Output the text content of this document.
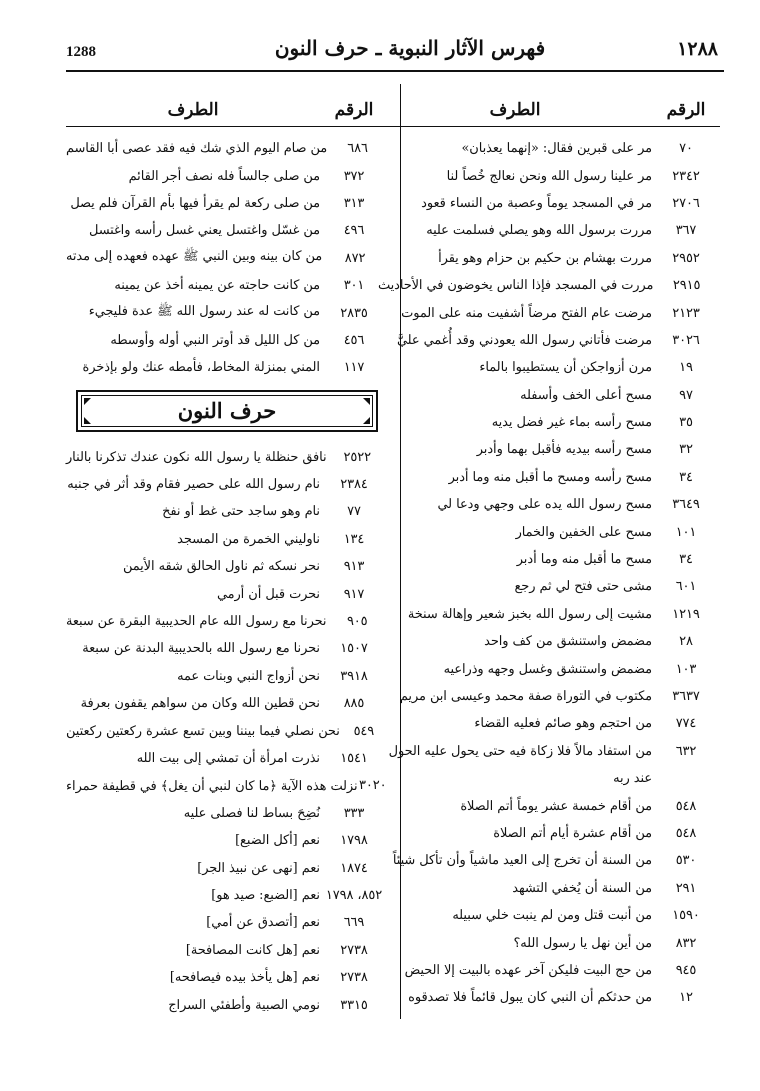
١٢٨٨
فهرس الآثار النبوية ـ حرف النون
1288
الرقم
الطرف
٧٠
مر على قبرين فقال: «إنهما يعذبان»
٢٣٤٢
مر علينا رسول الله ونحن نعالج خُصاً لنا
٢٧٠٦
مر في المسجد يوماً وعصبة من النساء قعود
٣٦٧
مررت برسول الله وهو يصلي فسلمت عليه
٢٩٥٢
مررت بهشام بن حكيم بن حزام وهو يقرأ
٢٩١٥
مررت في المسجد فإذا الناس يخوضون في الأحاديث
٢١٢٣
مرضت عام الفتح مرضاً أشفيت منه على الموت
٣٠٢٦
مرضت فأتاني رسول الله يعودني وقد أُغمي عليَّ
١٩
مرن أزواجكن أن يستطيبوا بالماء
٩٧
مسح أعلى الخف وأسفله
٣٥
مسح رأسه بماء غير فضل يديه
٣٢
مسح رأسه بيديه فأقبل بهما وأدبر
٣٤
مسح رأسه ومسح ما أقبل منه وما أدبر
٣٦٤٩
مسح رسول الله يده على وجهي ودعا لي
١٠١
مسح على الخفين والخمار
٣٤
مسح ما أقبل منه وما أدبر
٦٠١
مشى حتى فتح لي ثم رجع
١٢١٩
مشيت إلى رسول الله بخبز شعير وإهالة سنخة
٢٨
مضمض واستنشق من كف واحد
١٠٣
مضمض واستنشق وغسل وجهه وذراعيه
٣٦٣٧
مكتوب في التوراة صفة محمد وعيسى ابن مريم
٧٧٤
من احتجم وهو صائم فعليه القضاء
٦٣٢
من استفاد مالاً فلا زكاة فيه حتى يحول عليه الحول
عند ربه
٥٤٨
من أقام خمسة عشر يوماً أتم الصلاة
٥٤٨
من أقام عشرة أيام أتم الصلاة
٥٣٠
من السنة أن تخرج إلى العيد ماشياً وأن تأكل شيئاً
٢٩١
من السنة أن يُخفي التشهد
١٥٩٠
من أنبت قتل ومن لم ينبت خلي سبيله
٨٣٢
من أين نهل يا رسول الله؟
٩٤٥
من حج البيت فليكن آخر عهده بالبيت إلا الحيض
١٢
من حدثكم أن النبي كان يبول قائماً فلا تصدقوه
الرقم
الطرف
٦٨٦
من صام اليوم الذي شك فيه فقد عصى أبا القاسم
٣٧٢
من صلى جالساً فله نصف أجر القائم
٣١٣
من صلى ركعة لم يقرأ فيها بأم القرآن فلم يصل
٤٩٦
من غسّل واغتسل يعني غسل رأسه واغتسل
٨٧٢
من كان بينه وبين النبي ﷺ عهده فعهده إلى مدته
٣٠١
من كانت حاجته عن يمينه أخذ عن يمينه
٢٨٣٥
من كانت له عند رسول الله ﷺ عدة فليجيء
٤٥٦
من كل الليل قد أوتر النبي أوله وأوسطه
١١٧
المني بمنزلة المخاط، فأمطه عنك ولو بإذخرة
حرف النون
٢٥٢٢
نافق حنظلة يا رسول الله نكون عندك تذكرنا بالنار
٢٣٨٤
نام رسول الله على حصير فقام وقد أثر في جنبه
٧٧
نام وهو ساجد حتى غط أو نفخ
١٣٤
ناوليني الخمرة من المسجد
٩١٣
نحر نسكه ثم ناول الحالق شقه الأيمن
٩١٧
نحرت قبل أن أرمي
٩٠٥
نحرنا مع رسول الله عام الحديبية البقرة عن سبعة
١٥٠٧
نحرنا مع رسول الله بالحديبية البدنة عن سبعة
٣٩١٨
نحن أزواج النبي وبنات عمه
٨٨٥
نحن قطين الله وكان من سواهم يقفون بعرفة
٥٤٩
نحن نصلي فيما بيننا وبين تسع عشرة ركعتين ركعتين
١٥٤١
نذرت امرأة أن تمشي إلى بيت الله
٣٠٢٠
نزلت هذه الآية ﴿ما كان لنبي أن يغل﴾ في قطيفة حمراء
٣٣٣
نُضِحَ بساط لنا فصلى عليه
١٧٩٨
نعم [أكل الضبع]
١٨٧٤
نعم [نهى عن نبيذ الجر]
٨٥٢، ١٧٩٨
نعم [الضبع: صيد هو]
٦٦٩
نعم [أتصدق عن أمي]
٢٧٣٨
نعم [هل كانت المصافحة]
٢٧٣٨
نعم [هل يأخذ بيده فيصافحه]
٣٣١٥
نومي الصبية وأطفئي السراج
